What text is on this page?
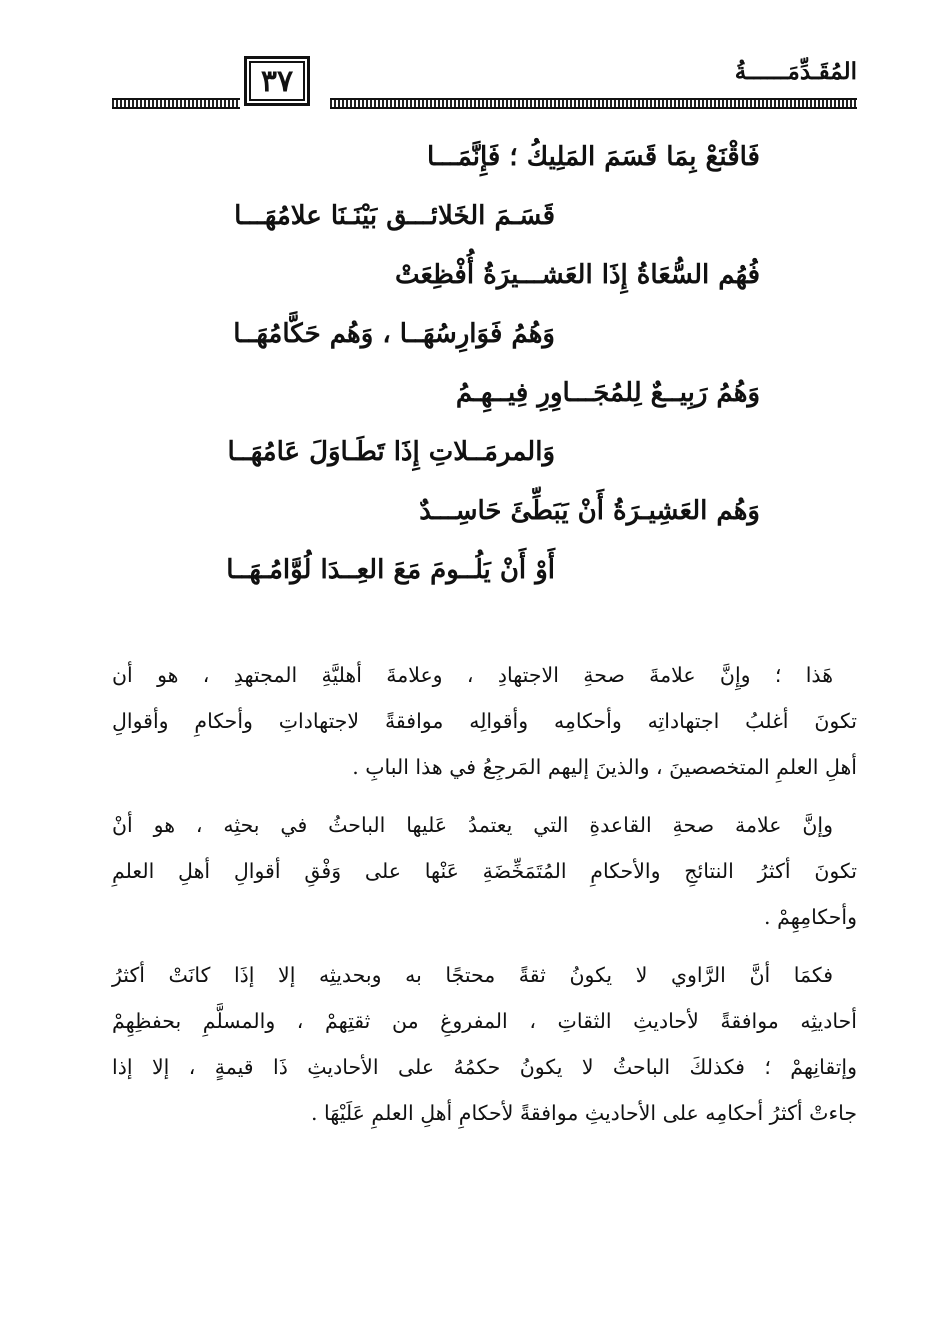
المُقَـدِّمَــــــةُ
٣٧
فَاقْنَعْ بِمَا قَسَمَ المَلِيكُ ؛ فَإِنَّمَـــا
قَسَـمَ الخَلائـــق بَيْنَـنَا علامُهَـــا
فُهُم السُّعَاةُ إِذَا العَشـــيرَةُ أُفْظِعَتْ
وَهُمُ فَوَارِسُهَــا ، وَهُم حَكَّامُهَــا
وَهُمُ رَبِيــعٌ لِلمُجَـــاوِرِ فِيــهِـمُ
وَالمرمَــلاتِ إِذَا تَطَـاوَلَ عَامُهَــا
وَهُم العَشِيـرَةُ أَنْ يَبَطِّئَ حَاسِـــدٌ
أَوْ أَنْ يَلُــومَ مَعَ العِــدَا لُوَّامُـهَــا
هَذا ؛ وإِنَّ علامةَ صحةِ الاجتهادِ ، وعلامةَ أهليَّةِ المجتهدِ ، هو أن
تكونَ أغلبُ اجتهاداتِه وأحكامِه وأقوالِه موافقةً لاجتهاداتِ وأحكامِ وأقوالِ
أهلِ العلمِ المتخصصينَ ، والذينَ إليهم المَرجِعُ في هذا البابِ .
وإنَّ علامة صحةِ القاعدةِ التي يعتمدُ عَليها الباحثُ في بحثِه ، هو أنْ
تكونَ أكثرُ النتائجِ والأحكامِ المُتَمَخِّضَةِ عَنْها على وَفْقِ أقوالِ أهلِ العلمِ
وأحكامِهِمْ .
فكمَا أنَّ الرَّاوي لا يكونُ ثقةً محتجًا به وبحديثِه إلا إذَا كانَتْ أكثرُ
أحاديثِه موافقةً لأحاديثِ الثقاتِ ، المفروغِ من ثقتِهمْ ، والمسلَّمِ بحفظِهِمْ
وإتقانِهمْ ؛ فكذلكَ الباحثُ لا يكونُ حكمُهُ على الأحاديثِ ذَا قيمةٍ ، إلا إذا
جاءتْ أكثرُ أحكامِه على الأحاديثِ موافقةً لأحكامِ أهلِ العلمِ عَلَيْهَا .
